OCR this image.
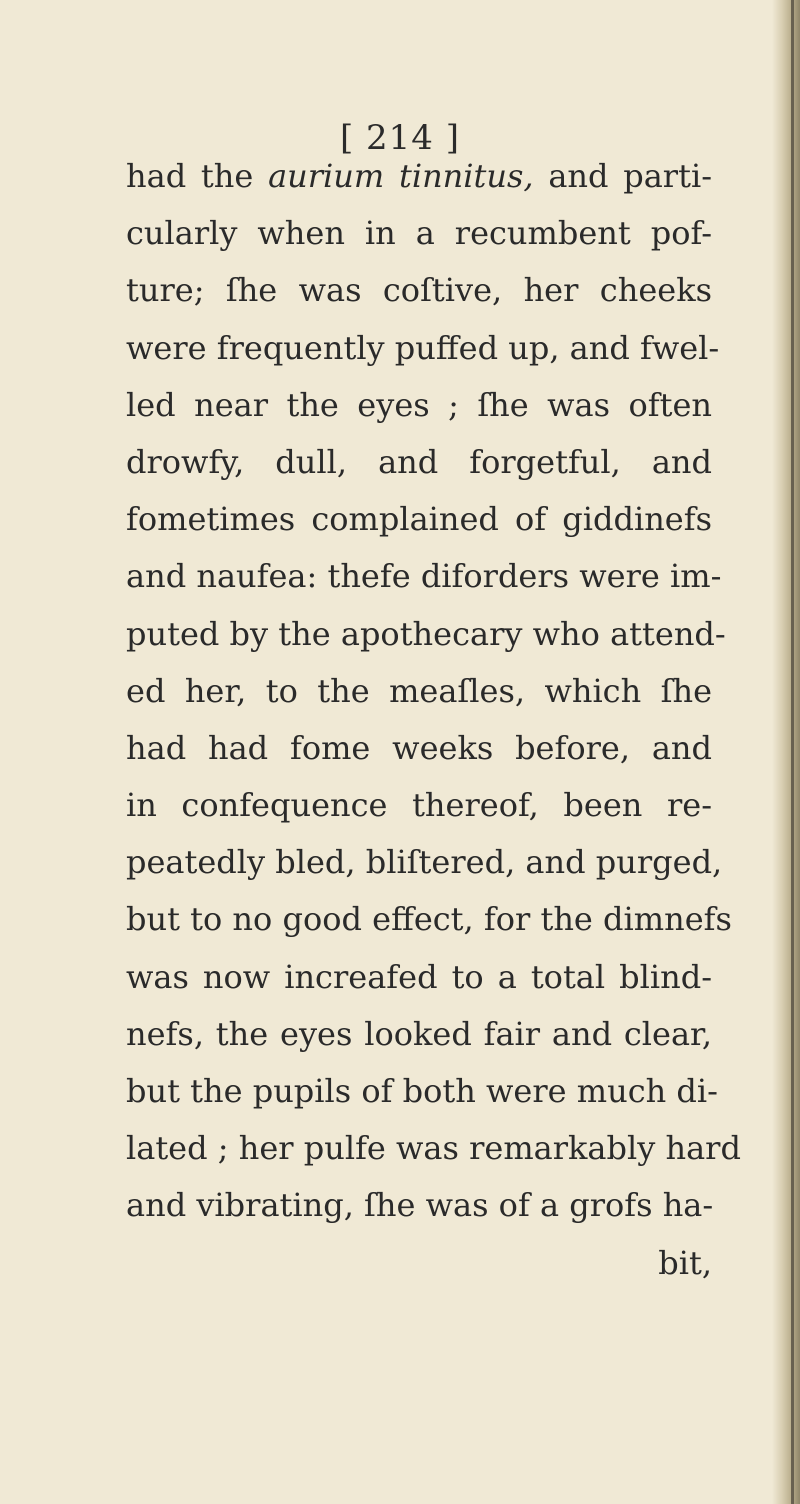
[ 214 ]
had the aurium tinnitus, and parti-
cularly when in a recumbent pof-
ture; ſhe was coſtive, her cheeks
were frequently puffed up, and fwel-
led near the eyes ; ſhe was often
drowfy, dull, and forgetful, and
fometimes complained of giddinefs
and naufea: thefe diforders were im-
puted by the apothecary who attend-
ed her, to the meaſles, which ſhe
had had fome weeks before, and
in confequence thereof, been re-
peatedly bled, bliſtered, and purged,
but to no good effect, for the dimnefs
was now increafed to a total blind-
nefs, the eyes looked fair and clear,
but the pupils of both were much di-
lated ; her pulfe was remarkably hard
and vibrating, ſhe was of a grofs ha-
bit,
